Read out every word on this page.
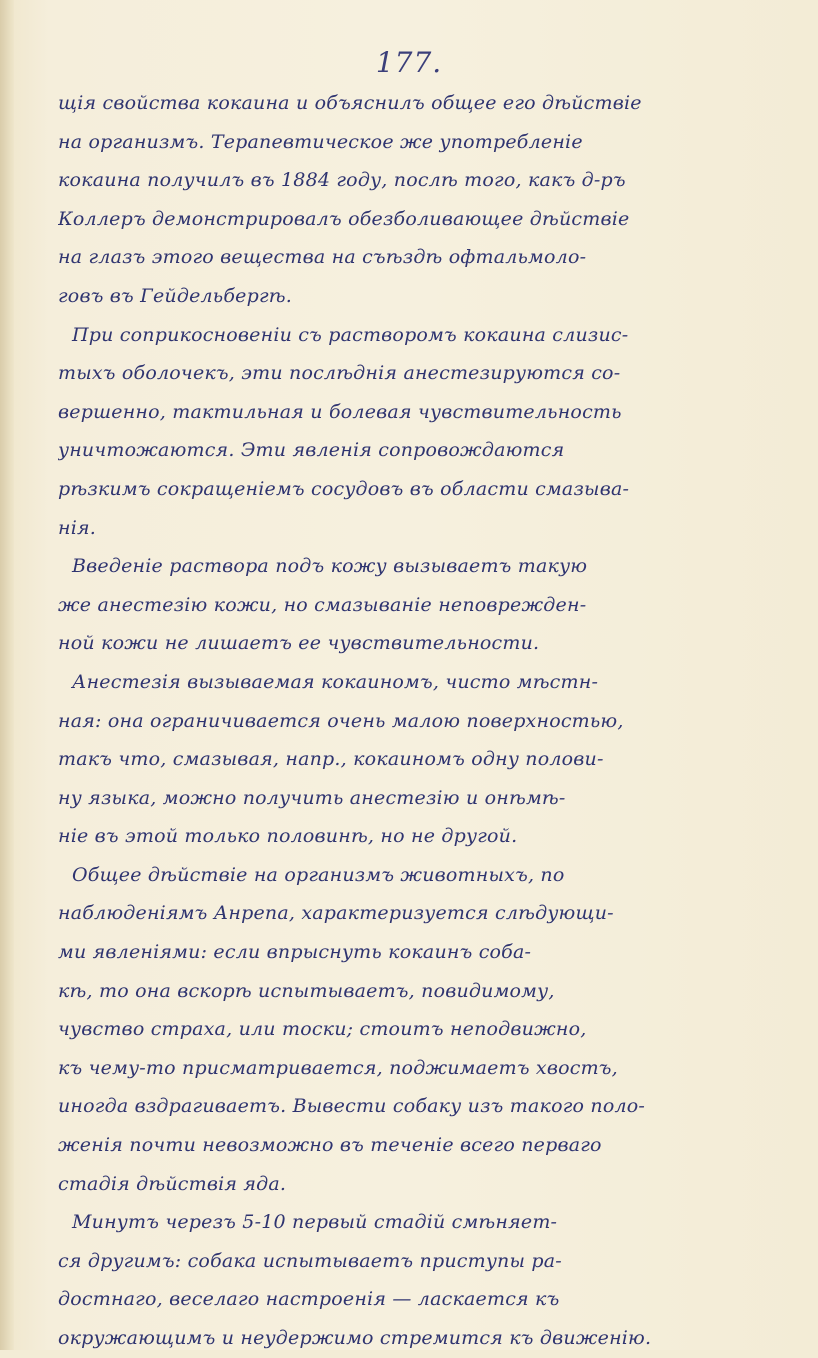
177.
щiя свойства кокаина и объяснилъ общее его дѣйствiе
на организмъ. Терапевтическое же употребленiе
кокаина получилъ въ 1884 году, послѣ того, какъ д-ръ
Коллеръ демонстрировалъ обезболивающее дѣйствiе
на глазъ этого вещества на съѣздѣ офтальмоло-
говъ въ Гейдельбергѣ.
При соприкосновенiи съ растворомъ кокаина слизис-
тыхъ оболочекъ, эти послѣднiя анестезируются со-
вершенно, тактильная и болевая чувствительность
уничтожаются. Эти явленiя сопровождаются
рѣзкимъ сокращенiемъ сосудовъ въ области смазыва-
нiя.
Введенiе раствора подъ кожу вызываетъ такую
же анестезiю кожи, но смазыванiе неповрежден-
ной кожи не лишаетъ ее чувствительности.
Анестезiя вызываемая кокаиномъ, чисто мѣстн-
ная: она ограничивается очень малою поверхностью,
такъ что, смазывая, напр., кокаиномъ одну полови-
ну языка, можно получить анестезiю и онѣмѣ-
нiе въ этой только половинѣ, но не другой.
Общее дѣйствiе на организмъ животныхъ, по
наблюденiямъ Анрепа, характеризуется слѣдующи-
ми явленiями: если впрыснуть кокаинъ соба-
кѣ, то она вскорѣ испытываетъ, повидимому,
чувство страха, или тоски; стоитъ неподвижно,
къ чему-то присматривается, поджимаетъ хвостъ,
иногда вздрагиваетъ. Вывести собаку изъ такого поло-
женiя почти невозможно въ теченiе всего перваго
стадiя дѣйствiя яда.
Минутъ черезъ 5-10 первый стадiй смѣняет-
ся другимъ: собака испытываетъ приступы ра-
достнаго, веселаго настроенiя — ласкается къ
окружающимъ и неудержимо стремится къ движенiю.
